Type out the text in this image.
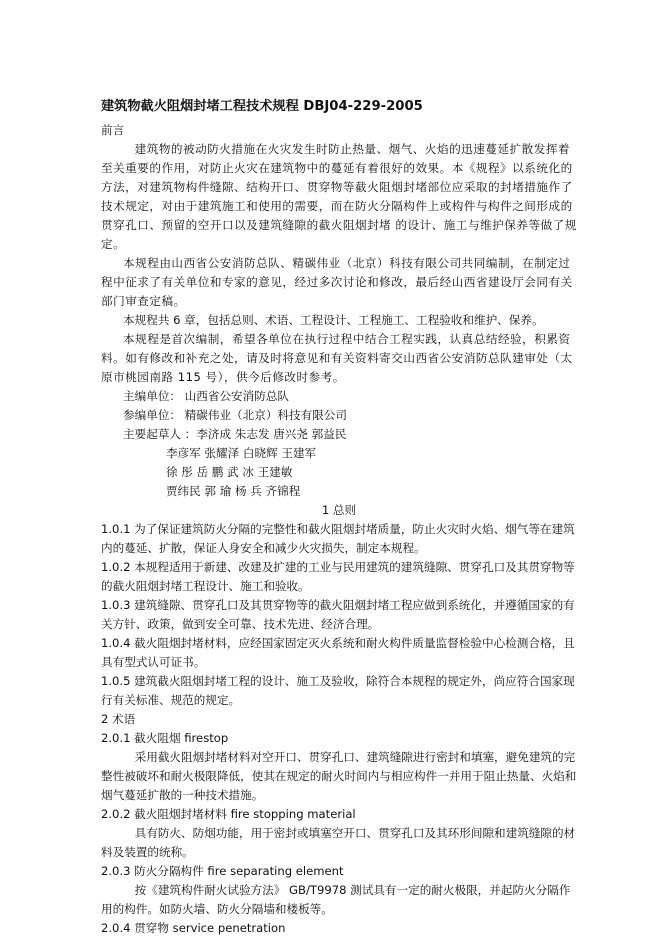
建筑物截火阻烟封堵工程技术规程 DBJ04-229-2005

前言

建筑物的被动防火措施在火灾发生时防止热量、烟气、火焰的迅速蔓延扩散发挥着至关重要的作用，对防止火灾在建筑物中的蔓延有着很好的效果。本《规程》以系统化的方法，对建筑物构件缝隙、结构开口、贯穿物等截火阻烟封堵部位应采取的封堵措施作了技术规定，对由于建筑施工和使用的需要，而在防火分隔构件上或构件与构件之间形成的贯穿孔口、预留的空开口以及建筑缝隙的截火阻烟封堵 的设计、施工与维护保养等做了规定。

本规程由山西省公安消防总队、精碳伟业（北京）科技有限公司共同编制，在制定过程中征求了有关单位和专家的意见，经过多次讨论和修改，最后经山西省建设厅会同有关部门审查定稿。

本规程共 6 章，包括总则、术语、工程设计、工程施工、工程验收和维护、保养。

本规程是首次编制，希望各单位在执行过程中结合工程实践，认真总结经验，积累资料。如有修改和补充之处，请及时将意见和有关资料寄交山西省公安消防总队建审处（太原市桃园南路 115 号），供今后修改时参考。

主编单位： 山西省公安消防总队

参编单位： 精碳伟业（北京）科技有限公司

主要起草人 ：李济成 朱志发 唐兴尧 郭益民

李彦军 张耀泽 白晓辉 王建军

徐 彤 岳 鹏 武 冰 王建敏

贾纬民 郭 瑜 杨 兵 齐锦程

1 总则

1.0.1 为了保证建筑防火分隔的完整性和截火阻烟封堵质量，防止火灾时火焰、烟气等在建筑内的蔓延、扩散，保证人身安全和减少火灾损失，制定本规程。

1.0.2 本规程适用于新建、改建及扩建的工业与民用建筑的建筑缝隙、贯穿孔口及其贯穿物等的截火阻烟封堵工程设计、施工和验收。

1.0.3 建筑缝隙、贯穿孔口及其贯穿物等的截火阻烟封堵工程应做到系统化，并遵循国家的有关方针、政策，做到安全可靠、技术先进、经济合理。

1.0.4 截火阻烟封堵材料，应经国家固定灭火系统和耐火构件质量监督检验中心检测合格，且具有型式认可证书。

1.0.5 建筑截火阻烟封堵工程的设计、施工及验收，除符合本规程的规定外，尚应符合国家现行有关标准、规范的规定。

2 术语

2.0.1 截火阻烟 firestop

采用截火阻烟封堵材料对空开口、贯穿孔口、建筑缝隙进行密封和填塞，避免建筑的完整性被破坏和耐火极限降低，使其在规定的耐火时间内与相应构件一并用于阻止热量、火焰和烟气蔓延扩散的一种技术措施。

2.0.2 截火阻烟封堵材料 fire stopping material

具有防火、防烟功能，用于密封或填塞空开口、贯穿孔口及其环形间隙和建筑缝隙的材料及装置的统称。

2.0.3 防火分隔构件 fire separating element

按《建筑构件耐火试验方法》 GB/T9978 测试具有一定的耐火极限，并起防火分隔作用的构件。如防火墙、防火分隔墙和楼板等。

2.0.4 贯穿物 service penetration
